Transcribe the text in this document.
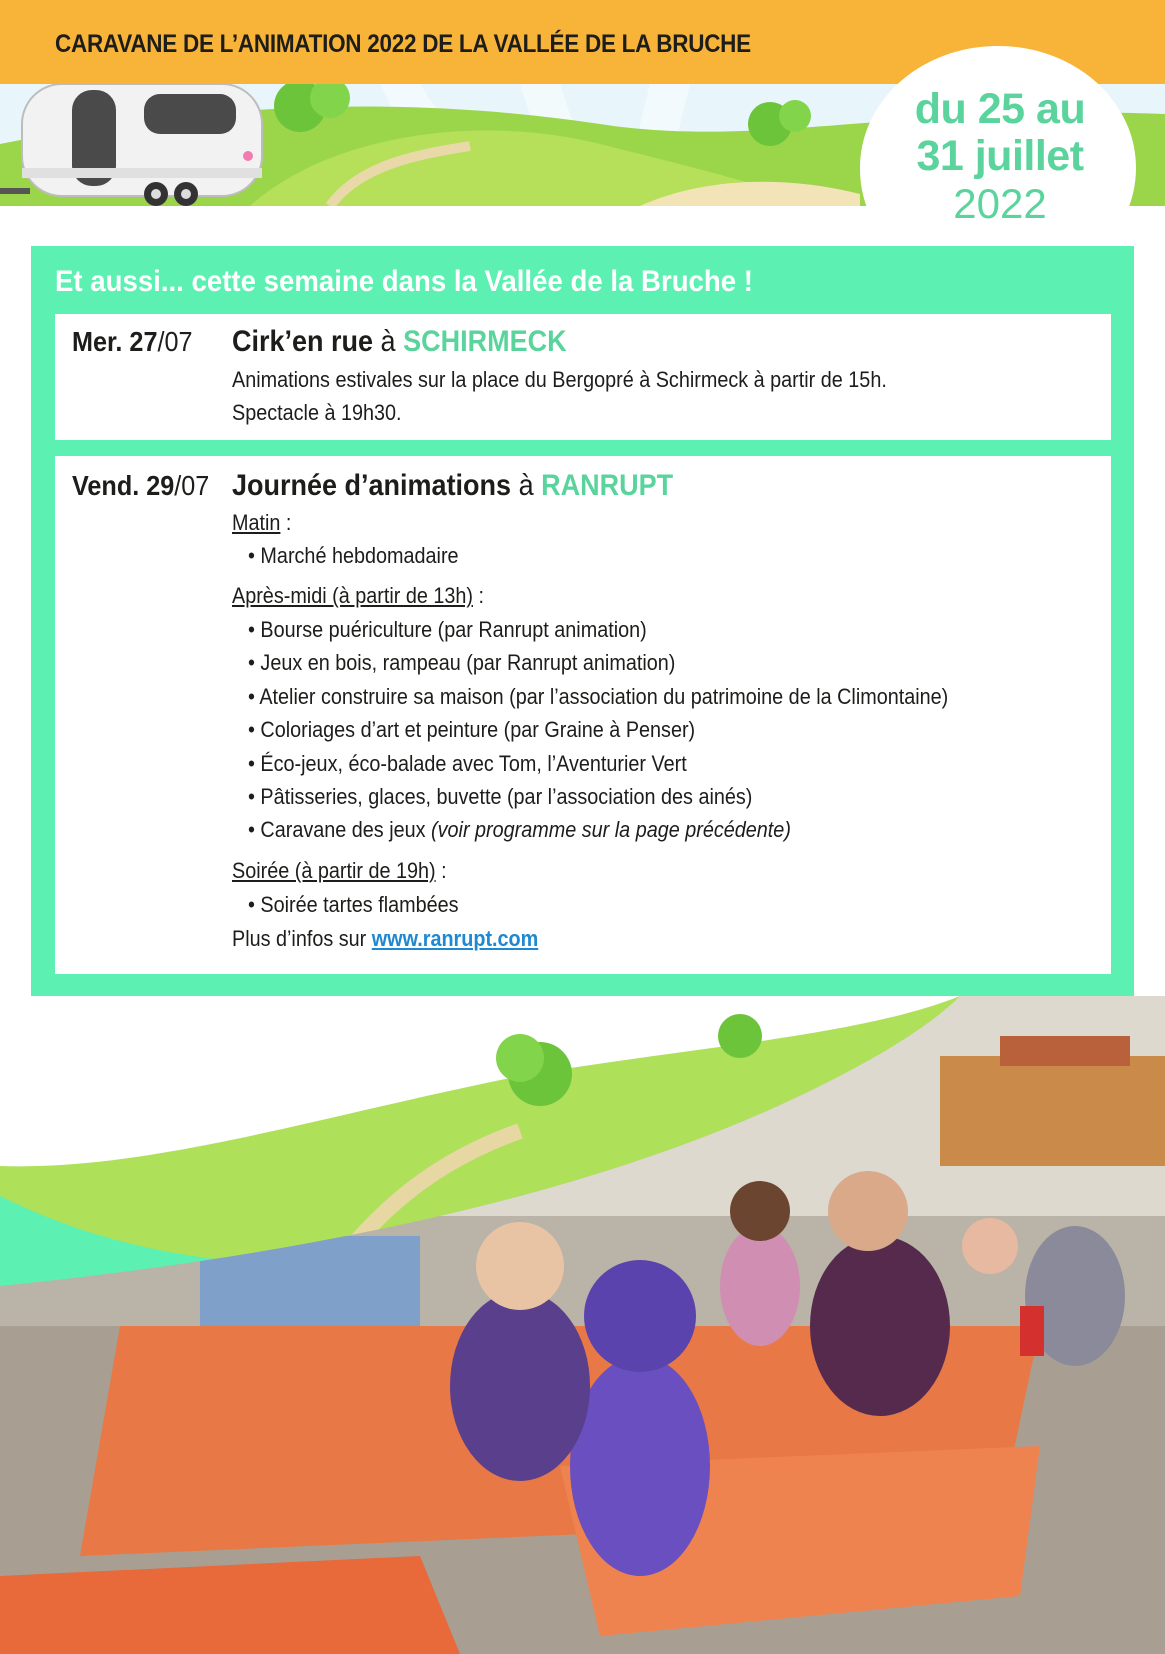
CARAVANE DE L’ANIMATION 2022 DE LA VALLÉE DE LA BRUCHE
du 25 au
31 juillet
2022
Et aussi... cette semaine dans la Vallée de la Bruche !
Mer. 27/07 Cirk’en rue à SCHIRMECK
Animations estivales sur la place du Bergopré à Schirmeck à partir de 15h.
Spectacle à 19h30.
Vend. 29/07 Journée d’animations à RANRUPT
Matin :
• Marché hebdomadaire
Après-midi (à partir de 13h) :
• Bourse puériculture (par Ranrupt animation)
• Jeux en bois, rampeau (par Ranrupt animation)
• Atelier construire sa maison (par l’association du patrimoine de la Climontaine)
• Coloriages d’art et peinture (par Graine à Penser)
• Éco-jeux, éco-balade avec Tom, l’Aventurier Vert
• Pâtisseries, glaces, buvette (par l’association des ainés)
• Caravane des jeux (voir programme sur la page précédente)
Soirée (à partir de 19h) :
• Soirée tartes flambées
Plus d’infos sur www.ranrupt.com
